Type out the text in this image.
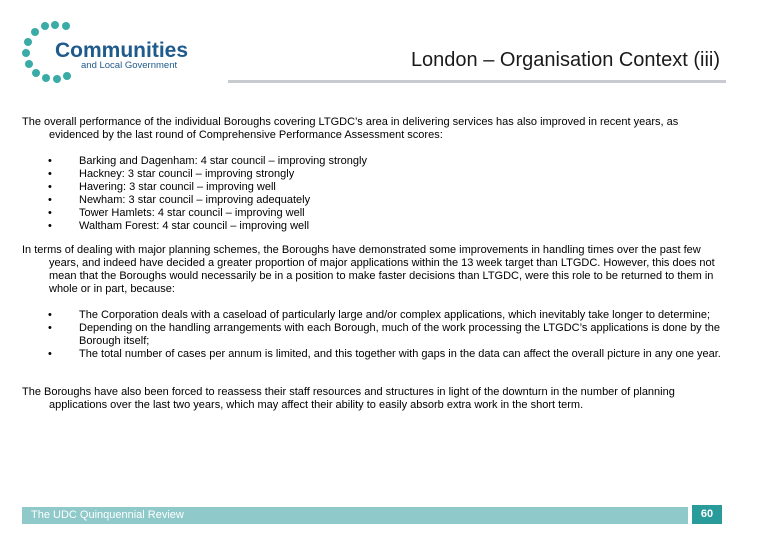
Communities
and Local Government	London – Organisation Context (iii)

The overall performance of the individual Boroughs covering LTGDC’s area in delivering services has also improved in recent years, as evidenced by the last round of Comprehensive Performance Assessment scores:

• Barking and Dagenham: 4 star council – improving strongly
• Hackney: 3 star council – improving strongly
• Havering: 3 star council – improving well
• Newham: 3 star council – improving adequately
• Tower Hamlets: 4 star council – improving well
• Waltham Forest: 4 star council – improving well

In terms of dealing with major planning schemes, the Boroughs have demonstrated some improvements in handling times over the past few years, and indeed have decided a greater proportion of major applications within the 13 week target than LTGDC. However, this does not mean that the Boroughs would necessarily be in a position to make faster decisions than LTGDC, were this role to be returned to them in whole or in part, because:

• The Corporation deals with a caseload of particularly large and/or complex applications, which inevitably take longer to determine;
• Depending on the handling arrangements with each Borough, much of the work processing the LTGDC’s applications is done by the Borough itself;
• The total number of cases per annum is limited, and this together with gaps in the data can affect the overall picture in any one year.

The Boroughs have also been forced to reassess their staff resources and structures in light of the downturn in the number of planning applications over the last two years, which may affect their ability to easily absorb extra work in the short term.

The UDC Quinquennial Review	60
